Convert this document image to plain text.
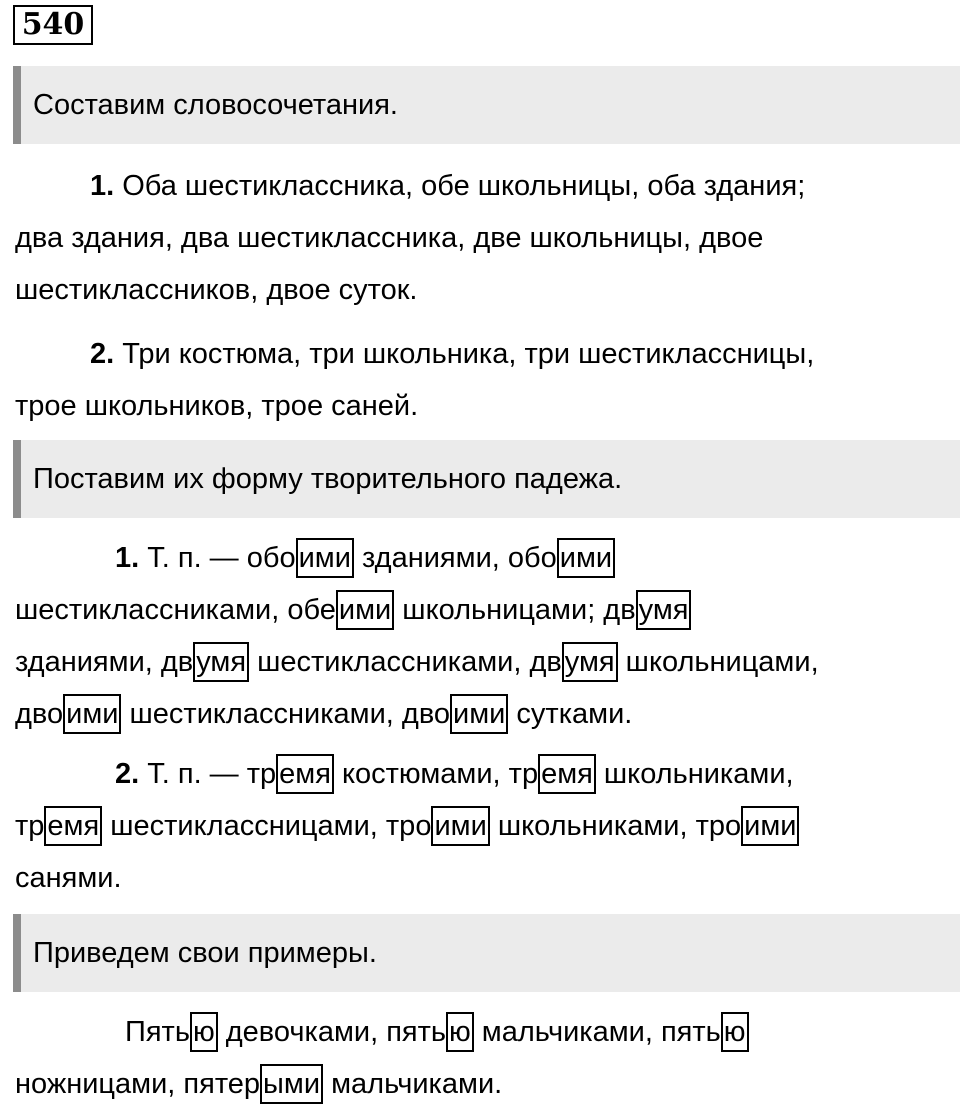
540
Составим словосочетания.
1. Оба шестиклассника, обе школьницы, оба здания;
два здания, два шестиклассника, две школьницы, двое
шестиклассников, двое суток.
2. Три костюма, три школьника, три шестиклассницы,
трое школьников, трое саней.
Поставим их форму творительного падежа.
1. Т. п. — обо ими зданиями, обо ими
шестиклассниками, обе ими школьницами; дв умя
зданиями, дв умя шестиклассниками, дв умя школьницами,
дво ими шестиклассниками, дво ими сутками.
2. Т. п. — тр емя костюмами, тр емя школьниками,
тр емя шестиклассницами, тро ими школьниками, тро ими
санями.
Приведем свои примеры.
Пять ю девочками, пять ю мальчиками, пять ю
ножницами, пятер ыми мальчиками.
